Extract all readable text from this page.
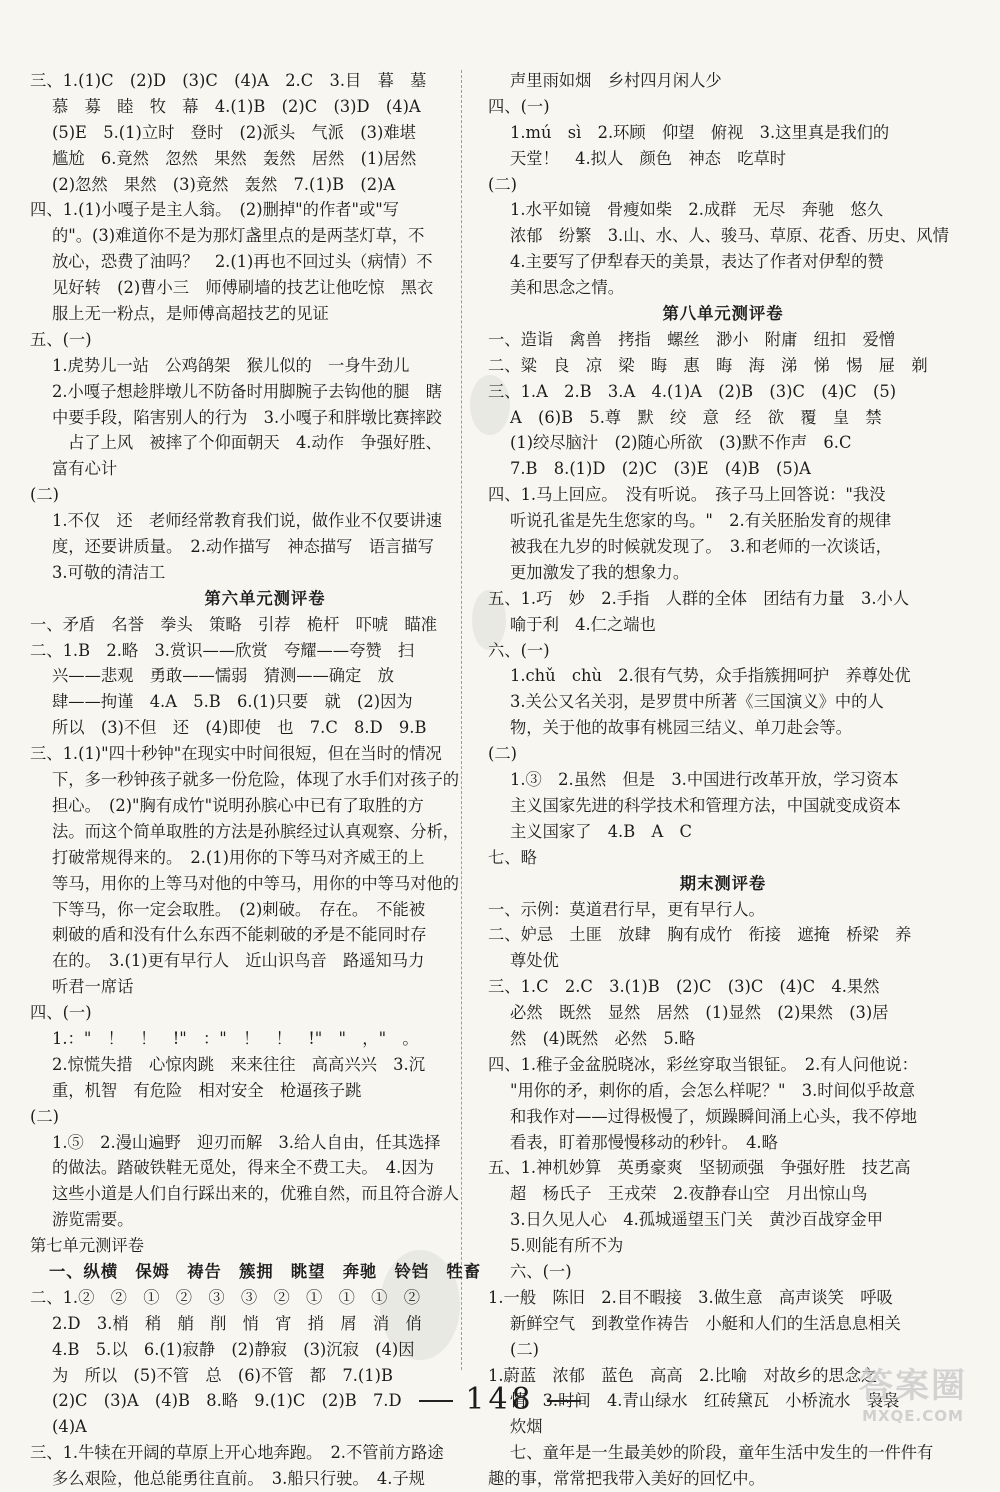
三、1.(1)C　(2)D　(3)C　(4)A　2.C　3.目　暮　墓
慕　募　睦　牧　幕　4.(1)B　(2)C　(3)D　(4)A
(5)E　5.(1)立时　登时　(2)派头　气派　(3)难堪
尴尬　6.竟然　忽然　果然　轰然　居然　(1)居然
(2)忽然　果然　(3)竟然　轰然　7.(1)B　(2)A
四、1.(1)小嘎子是主人翁。　(2)删掉"的作者"或"写
的"。(3)难道你不是为那灯盏里点的是两茎灯草，不
放心，恐费了油吗？　2.(1)再也不回过头（病情）不
见好转　(2)曹小三　师傅刷墙的技艺让他吃惊　黑衣
服上无一粉点，是师傅高超技艺的见证
五、(一)
1.虎势儿一站　公鸡鹐架　猴儿似的　一身牛劲儿
2.小嘎子想趁胖墩儿不防备时用脚腕子去钩他的腿　瞎
中要手段，陷害别人的行为　3.小嘎子和胖墩比赛摔跤
占了上风　被摔了个仰面朝天　4.动作　争强好胜、
富有心计
(二)
1.不仅　还　老师经常教育我们说，做作业不仅要讲速
度，还要讲质量。　2.动作描写　神态描写　语言描写
3.可敬的清洁工
第六单元测评卷
一、矛盾　名誉　拳头　策略　引荐　桅杆　吓唬　瞄准
二、1.B　2.略　3.赏识——欣赏　夸耀——夸赞　扫
兴——悲观　勇敢——懦弱　猜测——确定　放
肆——拘谨　4.A　5.B　6.(1)只要　就　(2)因为
所以　(3)不但　还　(4)即使　也　7.C　8.D　9.B
三、1.(1)"四十秒钟"在现实中时间很短，但在当时的情况
下，多一秒钟孩子就多一份危险，体现了水手们对孩子的
担心。　(2)"胸有成竹"说明孙膑心中已有了取胜的方
法。而这个简单取胜的方法是孙膑经过认真观察、分析，
打破常规得来的。　2.(1)用你的下等马对齐威王的上
等马，用你的上等马对他的中等马，用你的中等马对他的
下等马，你一定会取胜。　(2)刺破。　存在。　不能被
刺破的盾和没有什么东西不能刺破的矛是不能同时存
在的。　3.(1)更有早行人　近山识鸟音　路遥知马力
听君一席话
四、(一)
1.："　！　！　!"　："　！　！　!"　"　，"　。
2.惊慌失措　心惊肉跳　来来往往　高高兴兴　3.沉
重，机智　有危险　相对安全　枪逼孩子跳
(二)
1.⑤　2.漫山遍野　迎刃而解　3.给人自由，任其选择
的做法。踏破铁鞋无觅处，得来全不费工夫。　4.因为
这些小道是人们自行踩出来的，优雅自然，而且符合游人
游览需要。
第七单元测评卷
一、纵横　保姆　祷告　簇拥　眺望　奔驰　铃铛　牲畜
二、1.②　②　①　②　③　③　②　①　①　①　②
2.D　3.梢　稍　艄　削　悄　宵　捎　屑　消　俏
4.B　5.以　6.(1)寂静　(2)静寂　(3)沉寂　(4)因
为　所以　(5)不管　总　(6)不管　都　7.(1)B
(2)C　(3)A　(4)B　8.略　9.(1)C　(2)B　7.D
(4)A
三、1.牛犊在开阔的草原上开心地奔跑。　2.不管前方路途
多么艰险，他总能勇往直前。　3.船只行驶。　4.子规
声里雨如烟　乡村四月闲人少
四、(一)
1.mú　sì　2.环顾　仰望　俯视　3.这里真是我们的
天堂！　4.拟人　颜色　神态　吃草时
(二)
1.水平如镜　骨瘦如柴　2.成群　无尽　奔驰　悠久
浓郁　纷繁　3.山、水、人、骏马、草原、花香、历史、风情
4.主要写了伊犁春天的美景，表达了作者对伊犁的赞
美和思念之情。
第八单元测评卷
一、造诣　禽兽　拷指　螺丝　渺小　附庸　纽扣　爱憎
二、粱　良　凉　梁　晦　惠　晦　海　涕　悌　惕　屉　剃
三、1.A　2.B　3.A　4.(1)A　(2)B　(3)C　(4)C　(5)
A　(6)B　5.尊　默　绞　意　经　欲　覆　皇　禁
(1)绞尽脑汁　(2)随心所欲　(3)默不作声　6.C
7.B　8.(1)D　(2)C　(3)E　(4)B　(5)A
四、1.马上回应。　没有听说。　孩子马上回答说："我没
听说孔雀是先生您家的鸟。"　2.有关胚胎发育的规律
被我在九岁的时候就发现了。　3.和老师的一次谈话，
更加激发了我的想象力。
五、1.巧　妙　2.手指　人群的全体　团结有力量　3.小人
喻于利　4.仁之端也
六、(一)
1.chǔ　chù　2.很有气势，众手指簇拥呵护　养尊处优
3.关公又名关羽，是罗贯中所著《三国演义》中的人
物，关于他的故事有桃园三结义、单刀赴会等。
(二)
1.③　2.虽然　但是　3.中国进行改革开放，学习资本
主义国家先进的科学技术和管理方法，中国就变成资本
主义国家了　4.B　A　C
七、略
期末测评卷
一、示例：莫道君行早，更有早行人。
二、妒忌　土匪　放肆　胸有成竹　衔接　遮掩　桥梁　养
尊处优
三、1.C　2.C　3.(1)B　(2)C　(3)C　(4)C　4.果然
必然　既然　显然　居然　(1)显然　(2)果然　(3)居
然　(4)既然　必然　5.略
四、1.稚子金盆脱晓冰，彩丝穿取当银钲。　2.有人问他说：
"用你的矛，刺你的盾，会怎么样呢？"　3.时间似乎故意
和我作对——过得极慢了，烦躁瞬间涌上心头，我不停地
看表，盯着那慢慢移动的秒针。　4.略
五、1.神机妙算　英勇豪爽　坚韧顽强　争强好胜　技艺高
超　杨氏子　王戎荣　2.夜静春山空　月出惊山鸟
3.日久见人心　4.孤城遥望玉门关　黄沙百战穿金甲
5.则能有所不为
六、(一)
1.一般　陈旧　2.目不暇接　3.做生意　高声谈笑　呼吸
新鲜空气　到教堂作祷告　小艇和人们的生活息息相关
(二)
1.蔚蓝　浓郁　蓝色　高高　2.比喻　对故乡的思念之
情　3.时间　4.青山绿水　红砖黛瓦　小桥流水　袅袅
炊烟
七、童年是一生最美妙的阶段，童年生活中发生的一件件有
趣的事，常常把我带入美好的回忆中。
148	答案圈
MXQE.COM
